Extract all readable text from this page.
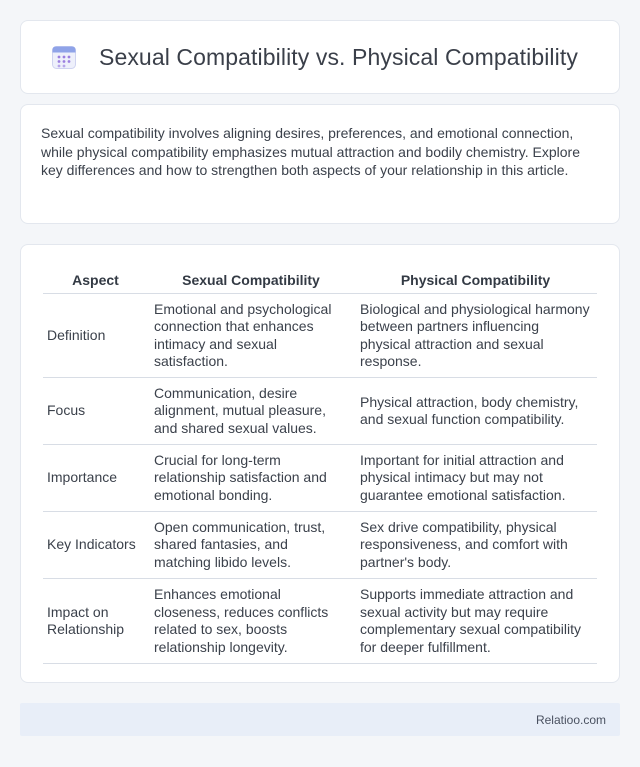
Sexual Compatibility vs. Physical Compatibility

Sexual compatibility involves aligning desires, preferences, and emotional connection, while physical compatibility emphasizes mutual attraction and bodily chemistry. Explore key differences and how to strengthen both aspects of your relationship in this article.

Aspect	Sexual Compatibility	Physical Compatibility
Definition	Emotional and psychological connection that enhances intimacy and sexual satisfaction.	Biological and physiological harmony between partners influencing physical attraction and sexual response.
Focus	Communication, desire alignment, mutual pleasure, and shared sexual values.	Physical attraction, body chemistry, and sexual function compatibility.
Importance	Crucial for long-term relationship satisfaction and emotional bonding.	Important for initial attraction and physical intimacy but may not guarantee emotional satisfaction.
Key Indicators	Open communication, trust, shared fantasies, and matching libido levels.	Sex drive compatibility, physical responsiveness, and comfort with partner's body.
Impact on Relationship	Enhances emotional closeness, reduces conflicts related to sex, boosts relationship longevity.	Supports immediate attraction and sexual activity but may require complementary sexual compatibility for deeper fulfillment.
Relatioo.com
